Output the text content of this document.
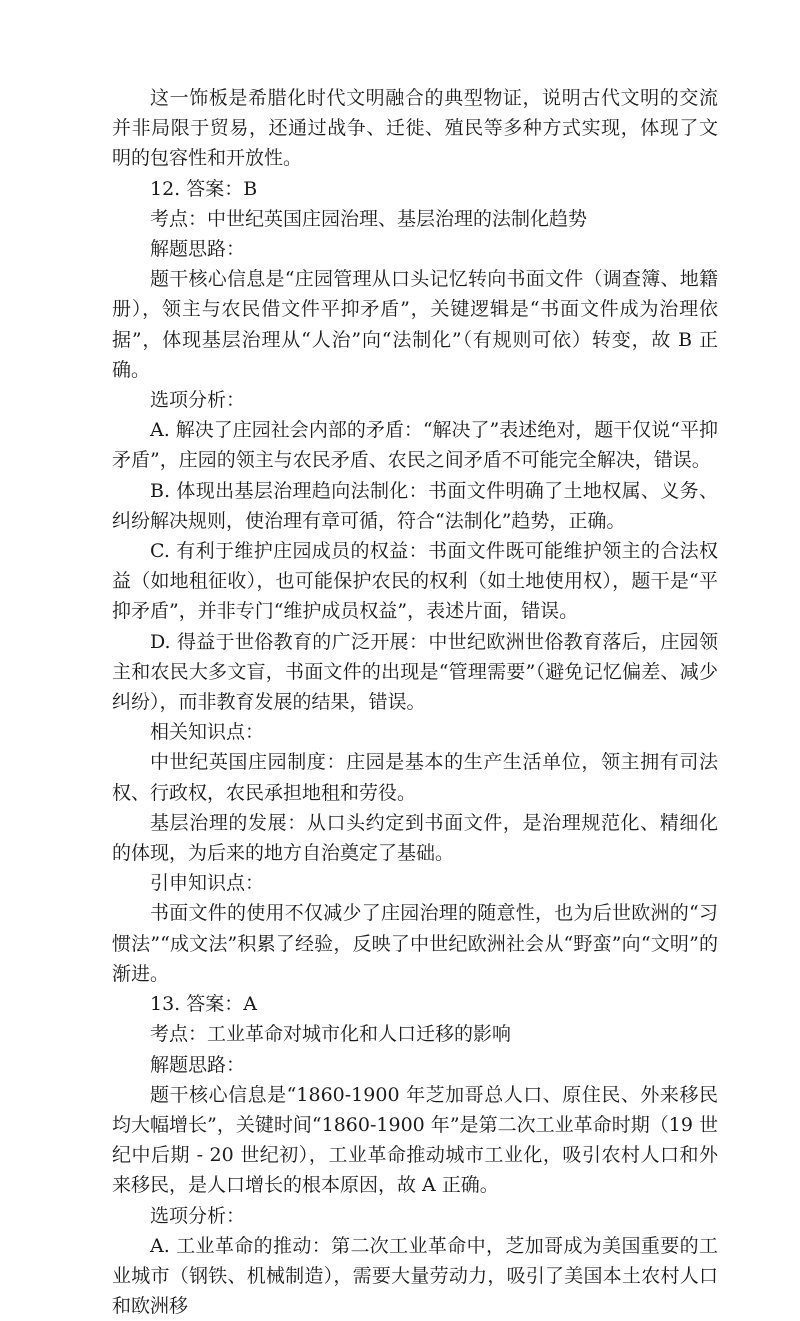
这一饰板是希腊化时代文明融合的典型物证，说明古代文明的交流并非局限于贸易，还通过战争、迁徙、殖民等多种方式实现，体现了文明的包容性和开放性。

12. 答案：B

考点：中世纪英国庄园治理、基层治理的法制化趋势

解题思路：

题干核心信息是“庄园管理从口头记忆转向书面文件（调查簿、地籍册），领主与农民借文件平抑矛盾”，关键逻辑是“书面文件成为治理依据”，体现基层治理从“人治”向“法制化”（有规则可依）转变，故 B 正确。

选项分析：

A. 解决了庄园社会内部的矛盾：“解决了”表述绝对，题干仅说“平抑矛盾”，庄园的领主与农民矛盾、农民之间矛盾不可能完全解决，错误。

B. 体现出基层治理趋向法制化：书面文件明确了土地权属、义务、纠纷解决规则，使治理有章可循，符合“法制化”趋势，正确。

C. 有利于维护庄园成员的权益：书面文件既可能维护领主的合法权益（如地租征收），也可能保护农民的权利（如土地使用权），题干是“平抑矛盾”，并非专门“维护成员权益”，表述片面，错误。

D. 得益于世俗教育的广泛开展：中世纪欧洲世俗教育落后，庄园领主和农民大多文盲，书面文件的出现是“管理需要”（避免记忆偏差、减少纠纷），而非教育发展的结果，错误。

相关知识点：

中世纪英国庄园制度：庄园是基本的生产生活单位，领主拥有司法权、行政权，农民承担地租和劳役。

基层治理的发展：从口头约定到书面文件，是治理规范化、精细化的体现，为后来的地方自治奠定了基础。

引申知识点：

书面文件的使用不仅减少了庄园治理的随意性，也为后世欧洲的“习惯法”“成文法”积累了经验，反映了中世纪欧洲社会从“野蛮”向“文明”的渐进。

13. 答案：A

考点：工业革命对城市化和人口迁移的影响

解题思路：

题干核心信息是“1860-1900 年芝加哥总人口、原住民、外来移民均大幅增长”，关键时间“1860-1900 年”是第二次工业革命时期（19 世纪中后期 - 20 世纪初），工业革命推动城市工业化，吸引农村人口和外来移民，是人口增长的根本原因，故 A 正确。

选项分析：

A. 工业革命的推动：第二次工业革命中，芝加哥成为美国重要的工业城市（钢铁、机械制造），需要大量劳动力，吸引了美国本土农村人口和欧洲移
